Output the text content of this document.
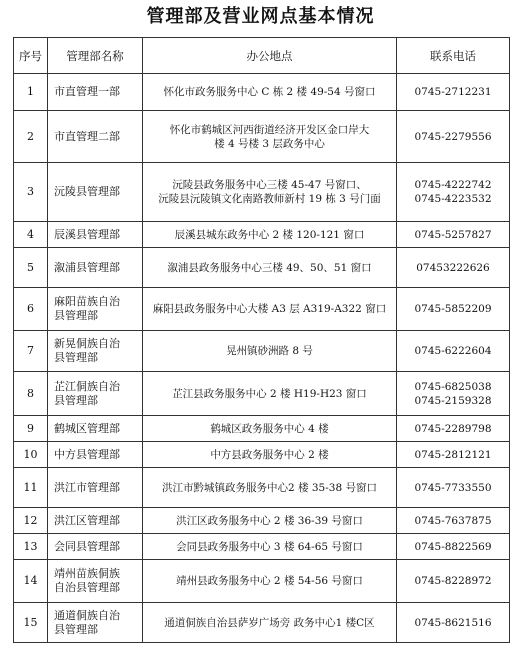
管理部及营业网点基本情况
序号	管理部名称	办公地点	联系电话
1	市直管理一部	怀化市政务服务中心 C 栋 2 楼 49-54 号窗口	0745-2712231
2	市直管理二部	怀化市鹤城区河西街道经济开发区金口岸大
楼 4 号楼 3 层政务中心	0745-2279556
3	沅陵县管理部	沅陵县政务服务中心三楼 45-47 号窗口、
沅陵县沅陵镇文化南路教师新村 19 栋 3 号门面	0745-4222742
0745-4223532
4	辰溪县管理部	辰溪县城东政务中心 2 楼 120-121 窗口	0745-5257827
5	溆浦县管理部	溆浦县政务服务中心三楼 49、50、51 窗口	07453222626
6	麻阳苗族自治
县管理部	麻阳县政务服务中心大楼 A3 层 A319-A322 窗口	0745-5852209
7	新晃侗族自治
县管理部	晃州镇砂洲路 8 号	0745-6222604
8	芷江侗族自治
县管理部	芷江县政务服务中心 2 楼 H19-H23 窗口	0745-6825038
0745-2159328
9	鹤城区管理部	鹤城区政务服务中心 4 楼	0745-2289798
10	中方县管理部	中方县政务服务中心 2 楼	0745-2812121
11	洪江市管理部	洪江市黔城镇政务服务中心2 楼 35-38 号窗口	0745-7733550
12	洪江区管理部	洪江区政务服务中心 2 楼 36-39 号窗口	0745-7637875
13	会同县管理部	会同县政务服务中心 3 楼 64-65 号窗口	0745-8822569
14	靖州苗族侗族
自治县管理部	靖州县政务服务中心 2 楼 54-56 号窗口	0745-8228972
15	通道侗族自治
县管理部	通道侗族自治县萨岁广场旁 政务中心1 楼C区	0745-8621516
